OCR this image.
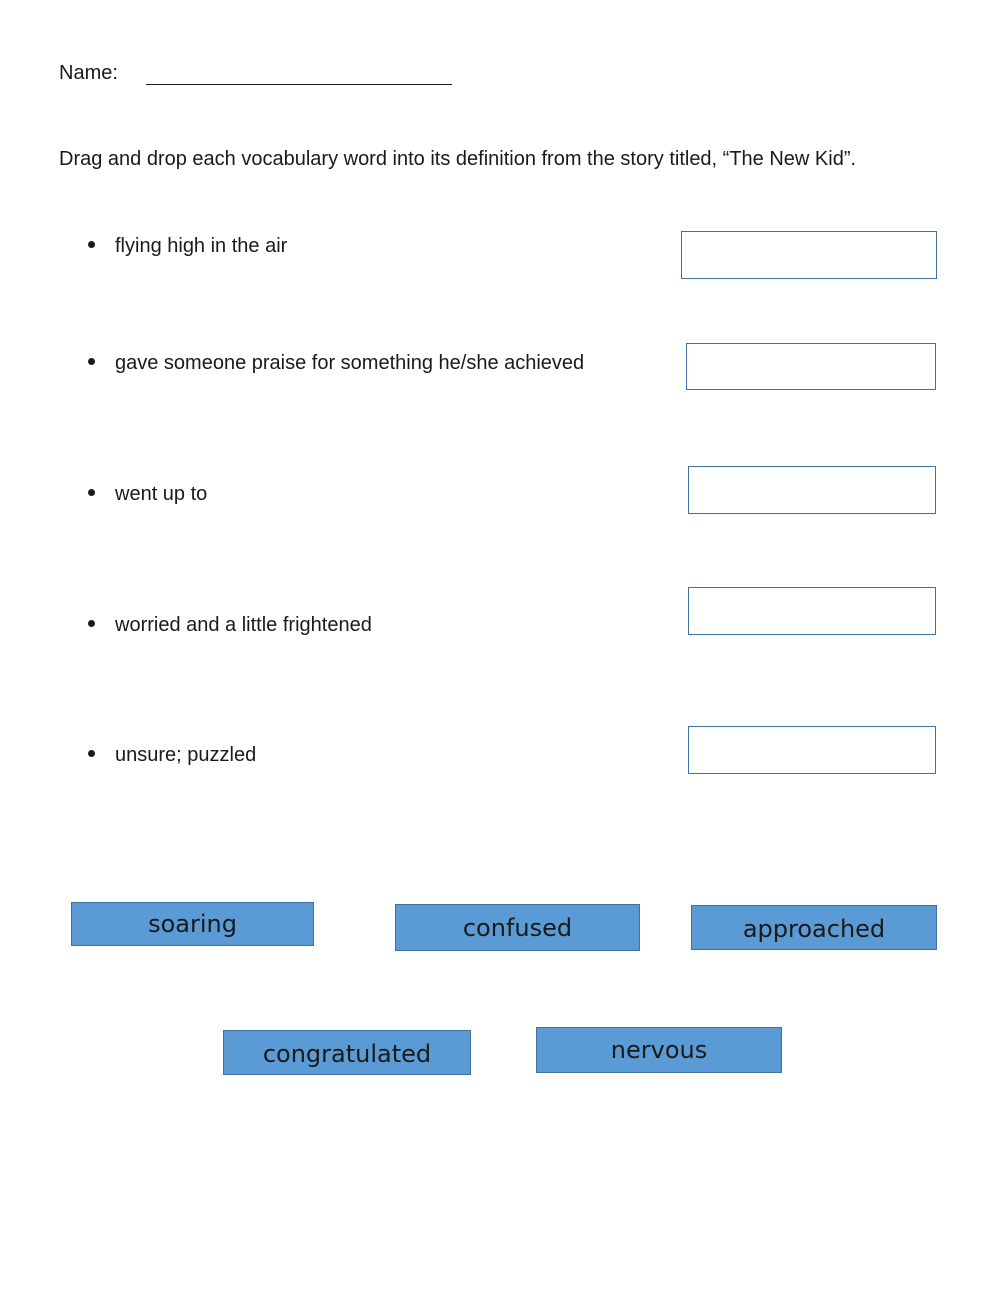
Name:
Drag and drop each vocabulary word into its definition from the story titled, “The New Kid”.
flying high in the air
gave someone praise for something he/she achieved
went up to
worried and a little frightened
unsure; puzzled
soaring	confused	approached
congratulated	nervous
